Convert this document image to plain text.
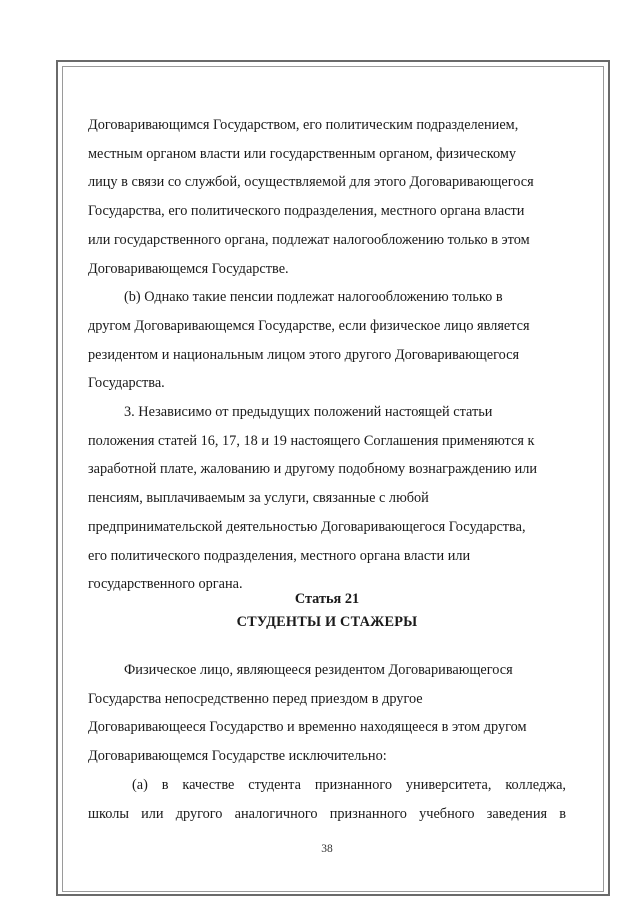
Договаривающимся Государством, его политическим подразделением,
местным органом власти или государственным органом, физическому
лицу в связи со службой, осуществляемой для этого Договаривающегося
Государства, его политического подразделения, местного органа власти
или государственного органа, подлежат налогообложению только в этом
Договаривающемся Государстве.

(b) Однако такие пенсии подлежат налогообложению только в
другом Договаривающемся Государстве, если физическое лицо является
резидентом и национальным лицом этого другого Договаривающегося
Государства.

3. Независимо от предыдущих положений настоящей статьи
положения статей 16, 17, 18 и 19 настоящего Соглашения применяются к
заработной плате, жалованию и другому подобному вознаграждению или
пенсиям, выплачиваемым за услуги, связанные с любой
предпринимательской деятельностью Договаривающегося Государства,
его политического подразделения, местного органа власти или
государственного органа.

Статья 21
СТУДЕНТЫ И СТАЖЕРЫ

Физическое лицо, являющееся резидентом Договаривающегося
Государства непосредственно перед приездом в другое
Договаривающееся Государство и временно находящееся в этом другом
Договаривающемся Государстве исключительно:

(a) в качестве студента признанного университета, колледжа,
школы или другого аналогичного признанного учебного заведения в

38
